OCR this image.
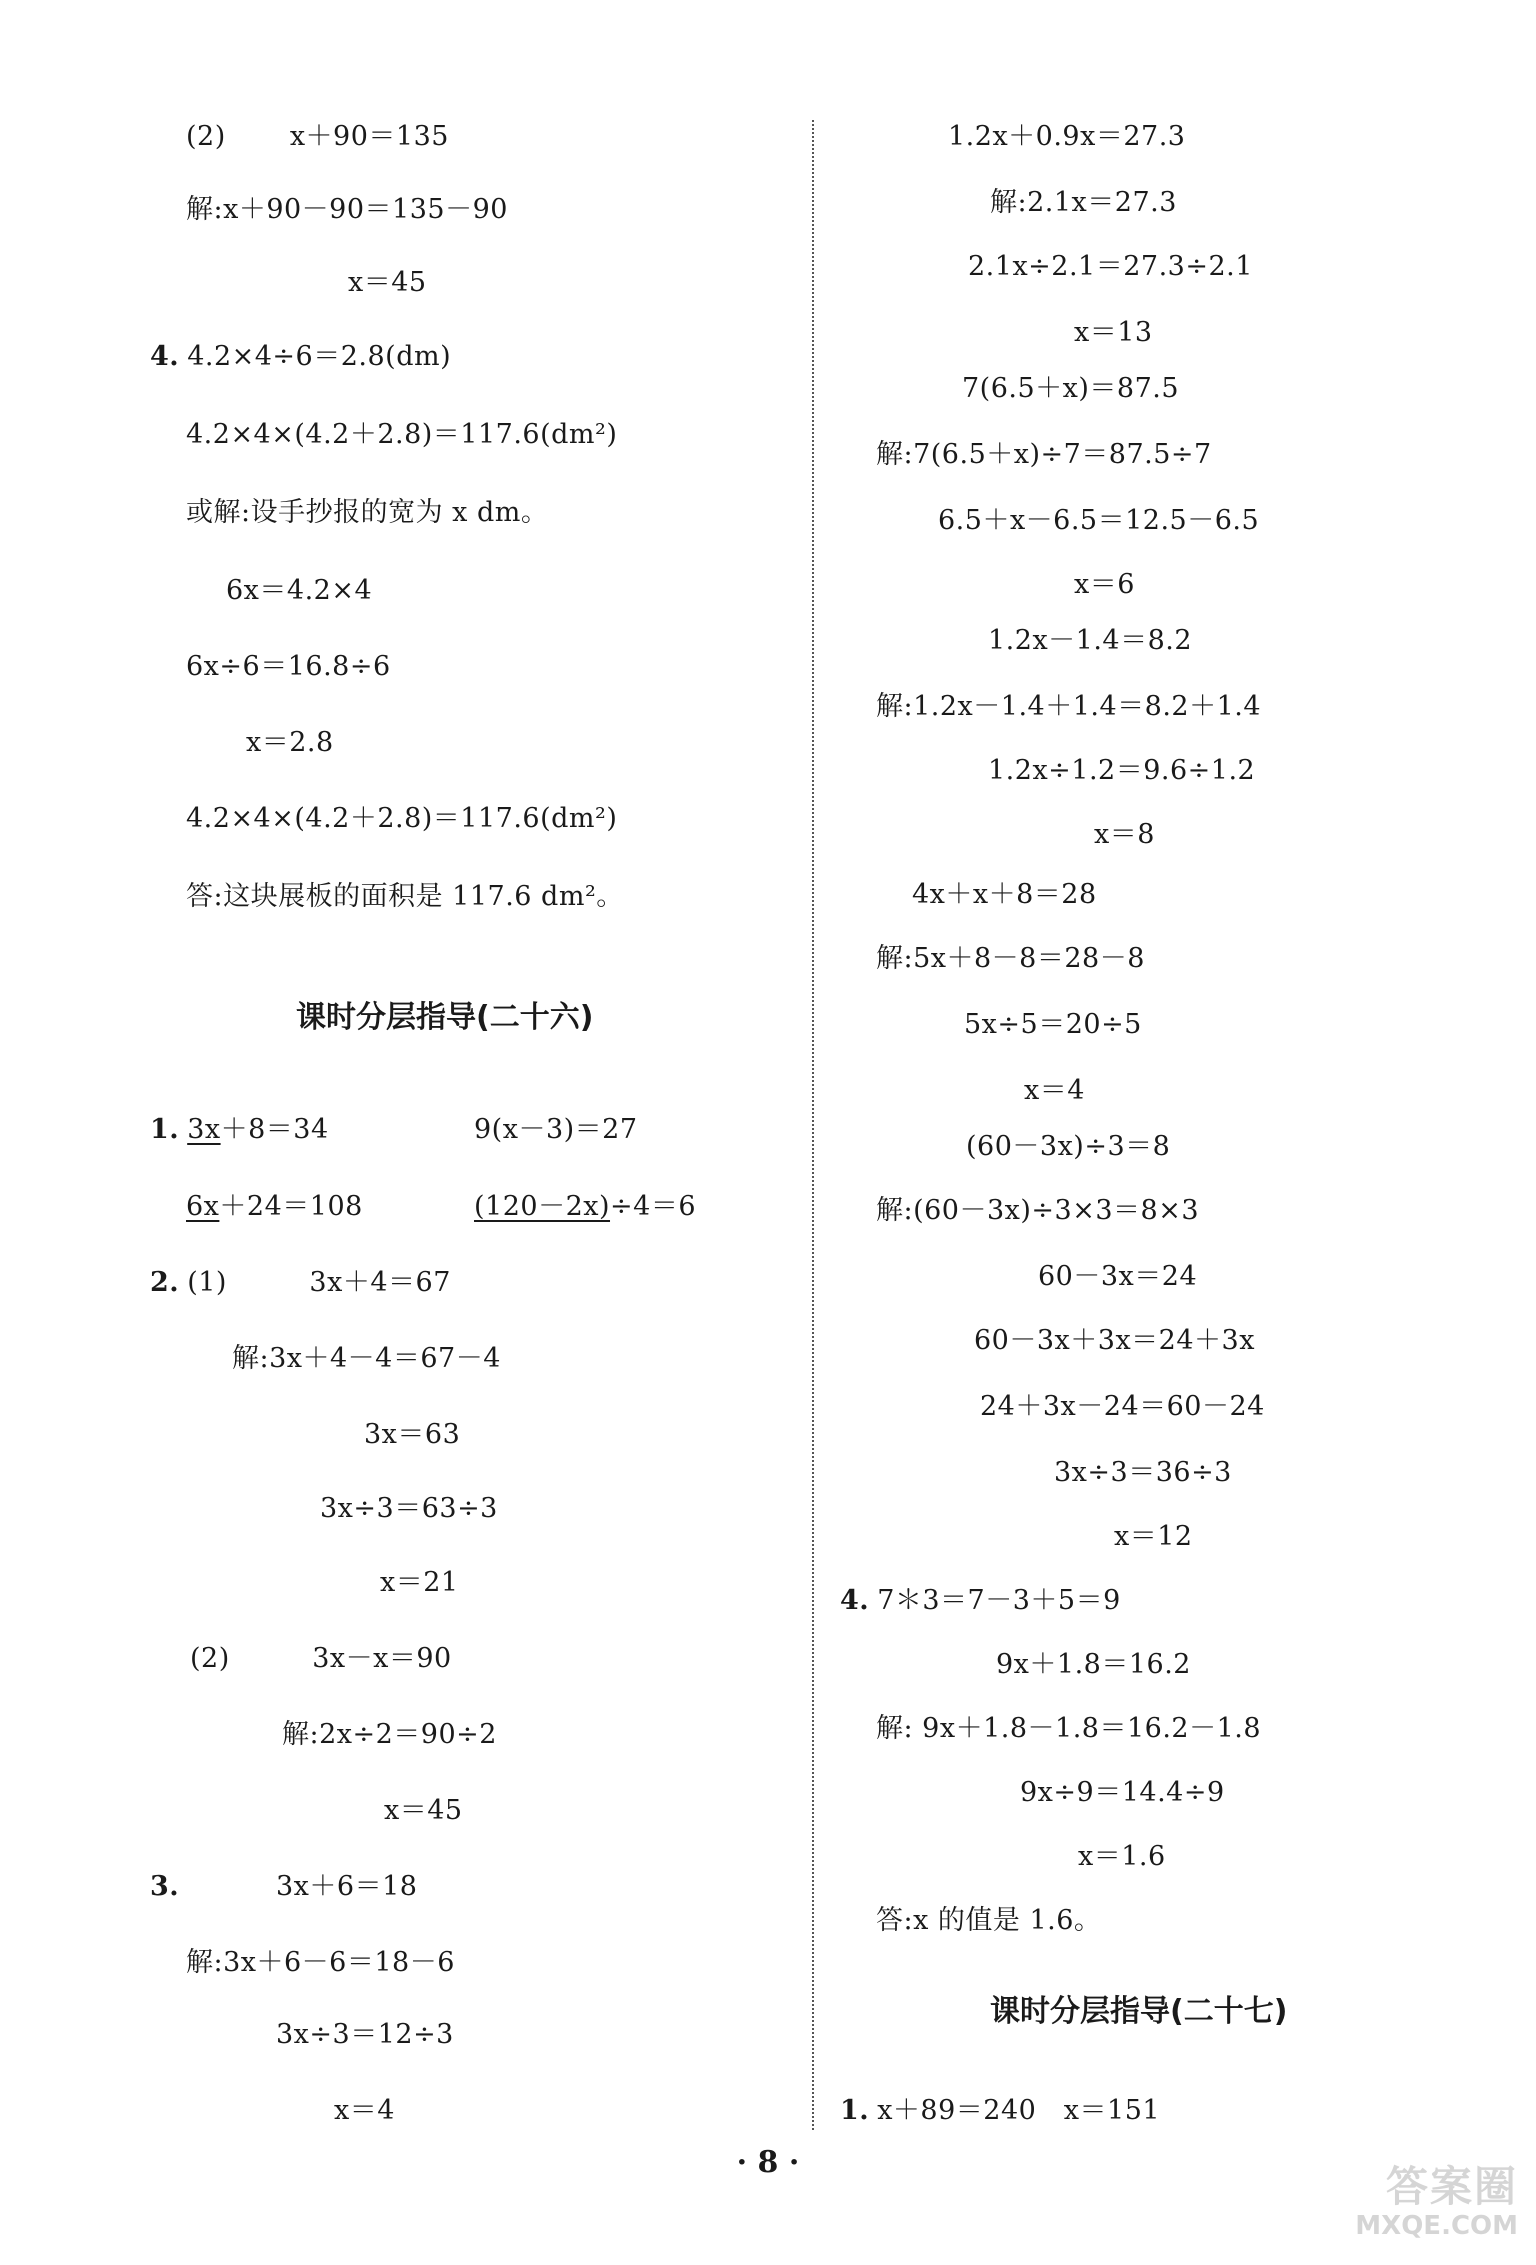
(2)　　 x＋90＝135
解:x＋90－90＝135－90
x＝45
4. 4.2×4÷6＝2.8(dm)
4.2×4×(4.2＋2.8)＝117.6(dm²)
或解:设手抄报的宽为 x dm。
6x＝4.2×4
6x÷6＝16.8÷6
x＝2.8
4.2×4×(4.2＋2.8)＝117.6(dm²)
答:这块展板的面积是 117.6 dm²。
课时分层指导(二十六)
1. 3x＋8＝34	9(x－3)＝27
6x＋24＝108	(120－2x)÷4＝6
2. (1)　　　3x＋4＝67
解:3x＋4－4＝67－4
3x＝63
3x÷3＝63÷3
x＝21
(2)　　　3x－x＝90
解:2x÷2＝90÷2
x＝45
3.	3x＋6＝18
解:3x＋6－6＝18－6
3x÷3＝12÷3
x＝4
1.2x＋0.9x＝27.3
解:2.1x＝27.3
2.1x÷2.1＝27.3÷2.1
x＝13
7(6.5＋x)＝87.5
解:7(6.5＋x)÷7＝87.5÷7
6.5＋x－6.5＝12.5－6.5
x＝6
1.2x－1.4＝8.2
解:1.2x－1.4＋1.4＝8.2＋1.4
1.2x÷1.2＝9.6÷1.2
x＝8
4x＋x＋8＝28
解:5x＋8－8＝28－8
5x÷5＝20÷5
x＝4
(60－3x)÷3＝8
解:(60－3x)÷3×3＝8×3
60－3x＝24
60－3x＋3x＝24＋3x
24＋3x－24＝60－24
3x÷3＝36÷3
x＝12
4. 7＊3＝7－3＋5＝9
9x＋1.8＝16.2
解: 9x＋1.8－1.8＝16.2－1.8
9x÷9＝14.4÷9
x＝1.6
答:x 的值是 1.6。
课时分层指导(二十七)
1. x＋89＝240　x＝151
· 8 ·	答案圈
MXQE.COM
